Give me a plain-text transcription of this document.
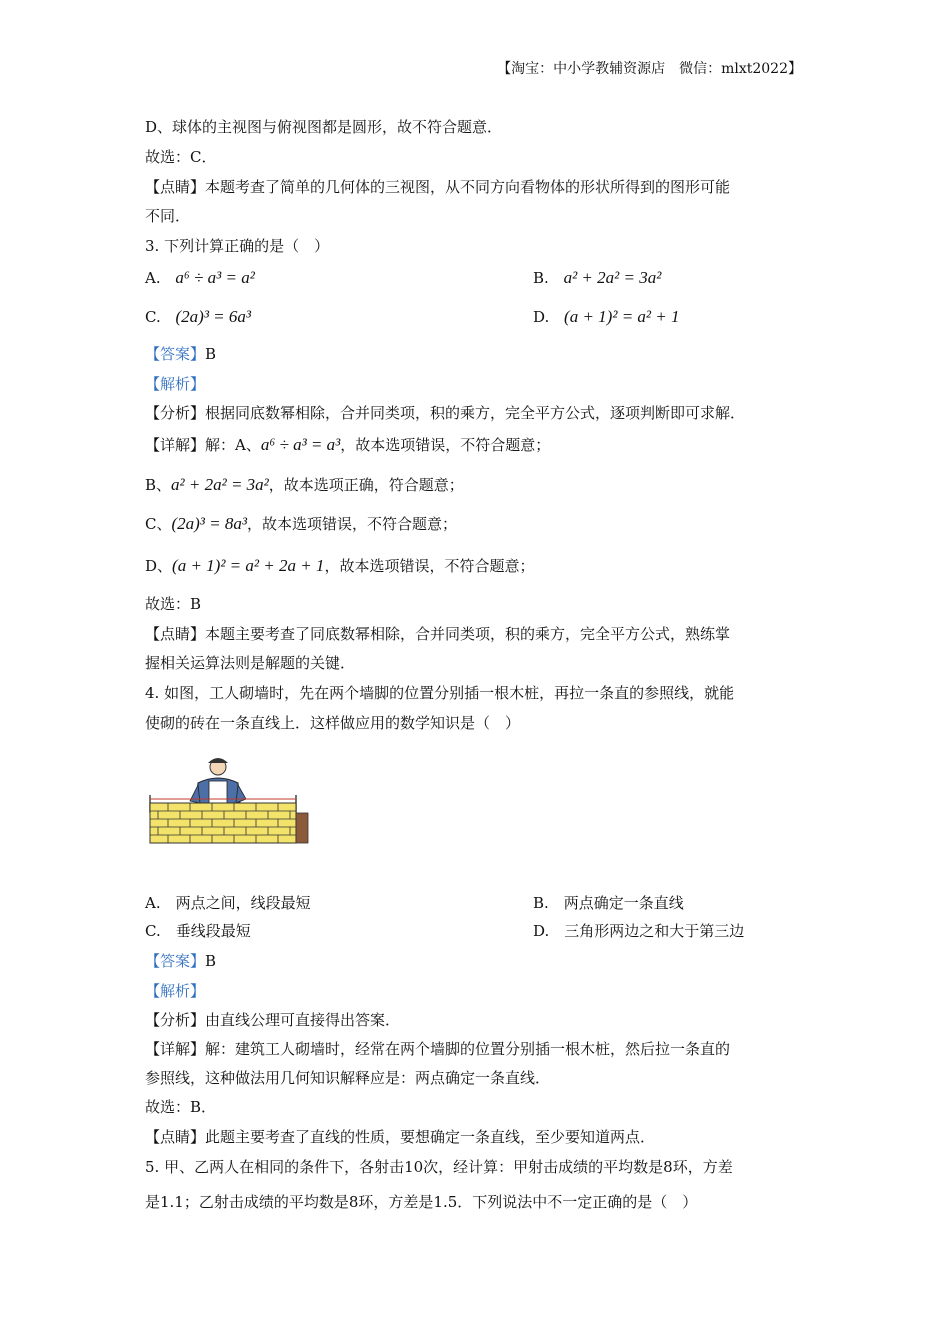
【淘宝：中小学教辅资源店　微信：mlxt2022】
D、球体的主视图与俯视图都是圆形，故不符合题意．
故选：C．
【点睛】本题考查了简单的几何体的三视图，从不同方向看物体的形状所得到的图形可能
不同．
3. 下列计算正确的是（　）
A. a⁶ ÷ a³ = a²	B. a² + 2a² = 3a²
C. (2a)³ = 6a³	D. (a + 1)² = a² + 1
【答案】B
【解析】
【分析】根据同底数幂相除，合并同类项，积的乘方，完全平方公式，逐项判断即可求解．
【详解】解：A、a⁶ ÷ a³ = a³，故本选项错误，不符合题意；
B、a² + 2a² = 3a²，故本选项正确，符合题意；
C、(2a)³ = 8a³，故本选项错误，不符合题意；
D、(a + 1)² = a² + 2a + 1，故本选项错误，不符合题意；
故选：B
【点睛】本题主要考查了同底数幂相除，合并同类项，积的乘方，完全平方公式，熟练掌
握相关运算法则是解题的关键．
4. 如图，工人砌墙时，先在两个墙脚的位置分别插一根木桩，再拉一条直的参照线，就能
使砌的砖在一条直线上．这样做应用的数学知识是（　）
A.　两点之间，线段最短	B.　两点确定一条直线
C.　垂线段最短	D.　三角形两边之和大于第三边
【答案】B
【解析】
【分析】由直线公理可直接得出答案．
【详解】解：建筑工人砌墙时，经常在两个墙脚的位置分别插一根木桩，然后拉一条直的
参照线，这种做法用几何知识解释应是：两点确定一条直线．
故选：B．
【点睛】此题主要考查了直线的性质，要想确定一条直线，至少要知道两点．
5. 甲、乙两人在相同的条件下，各射击10次，经计算：甲射击成绩的平均数是8环，方差
是1.1；乙射击成绩的平均数是8环，方差是1.5．下列说法中不一定正确的是（　）
